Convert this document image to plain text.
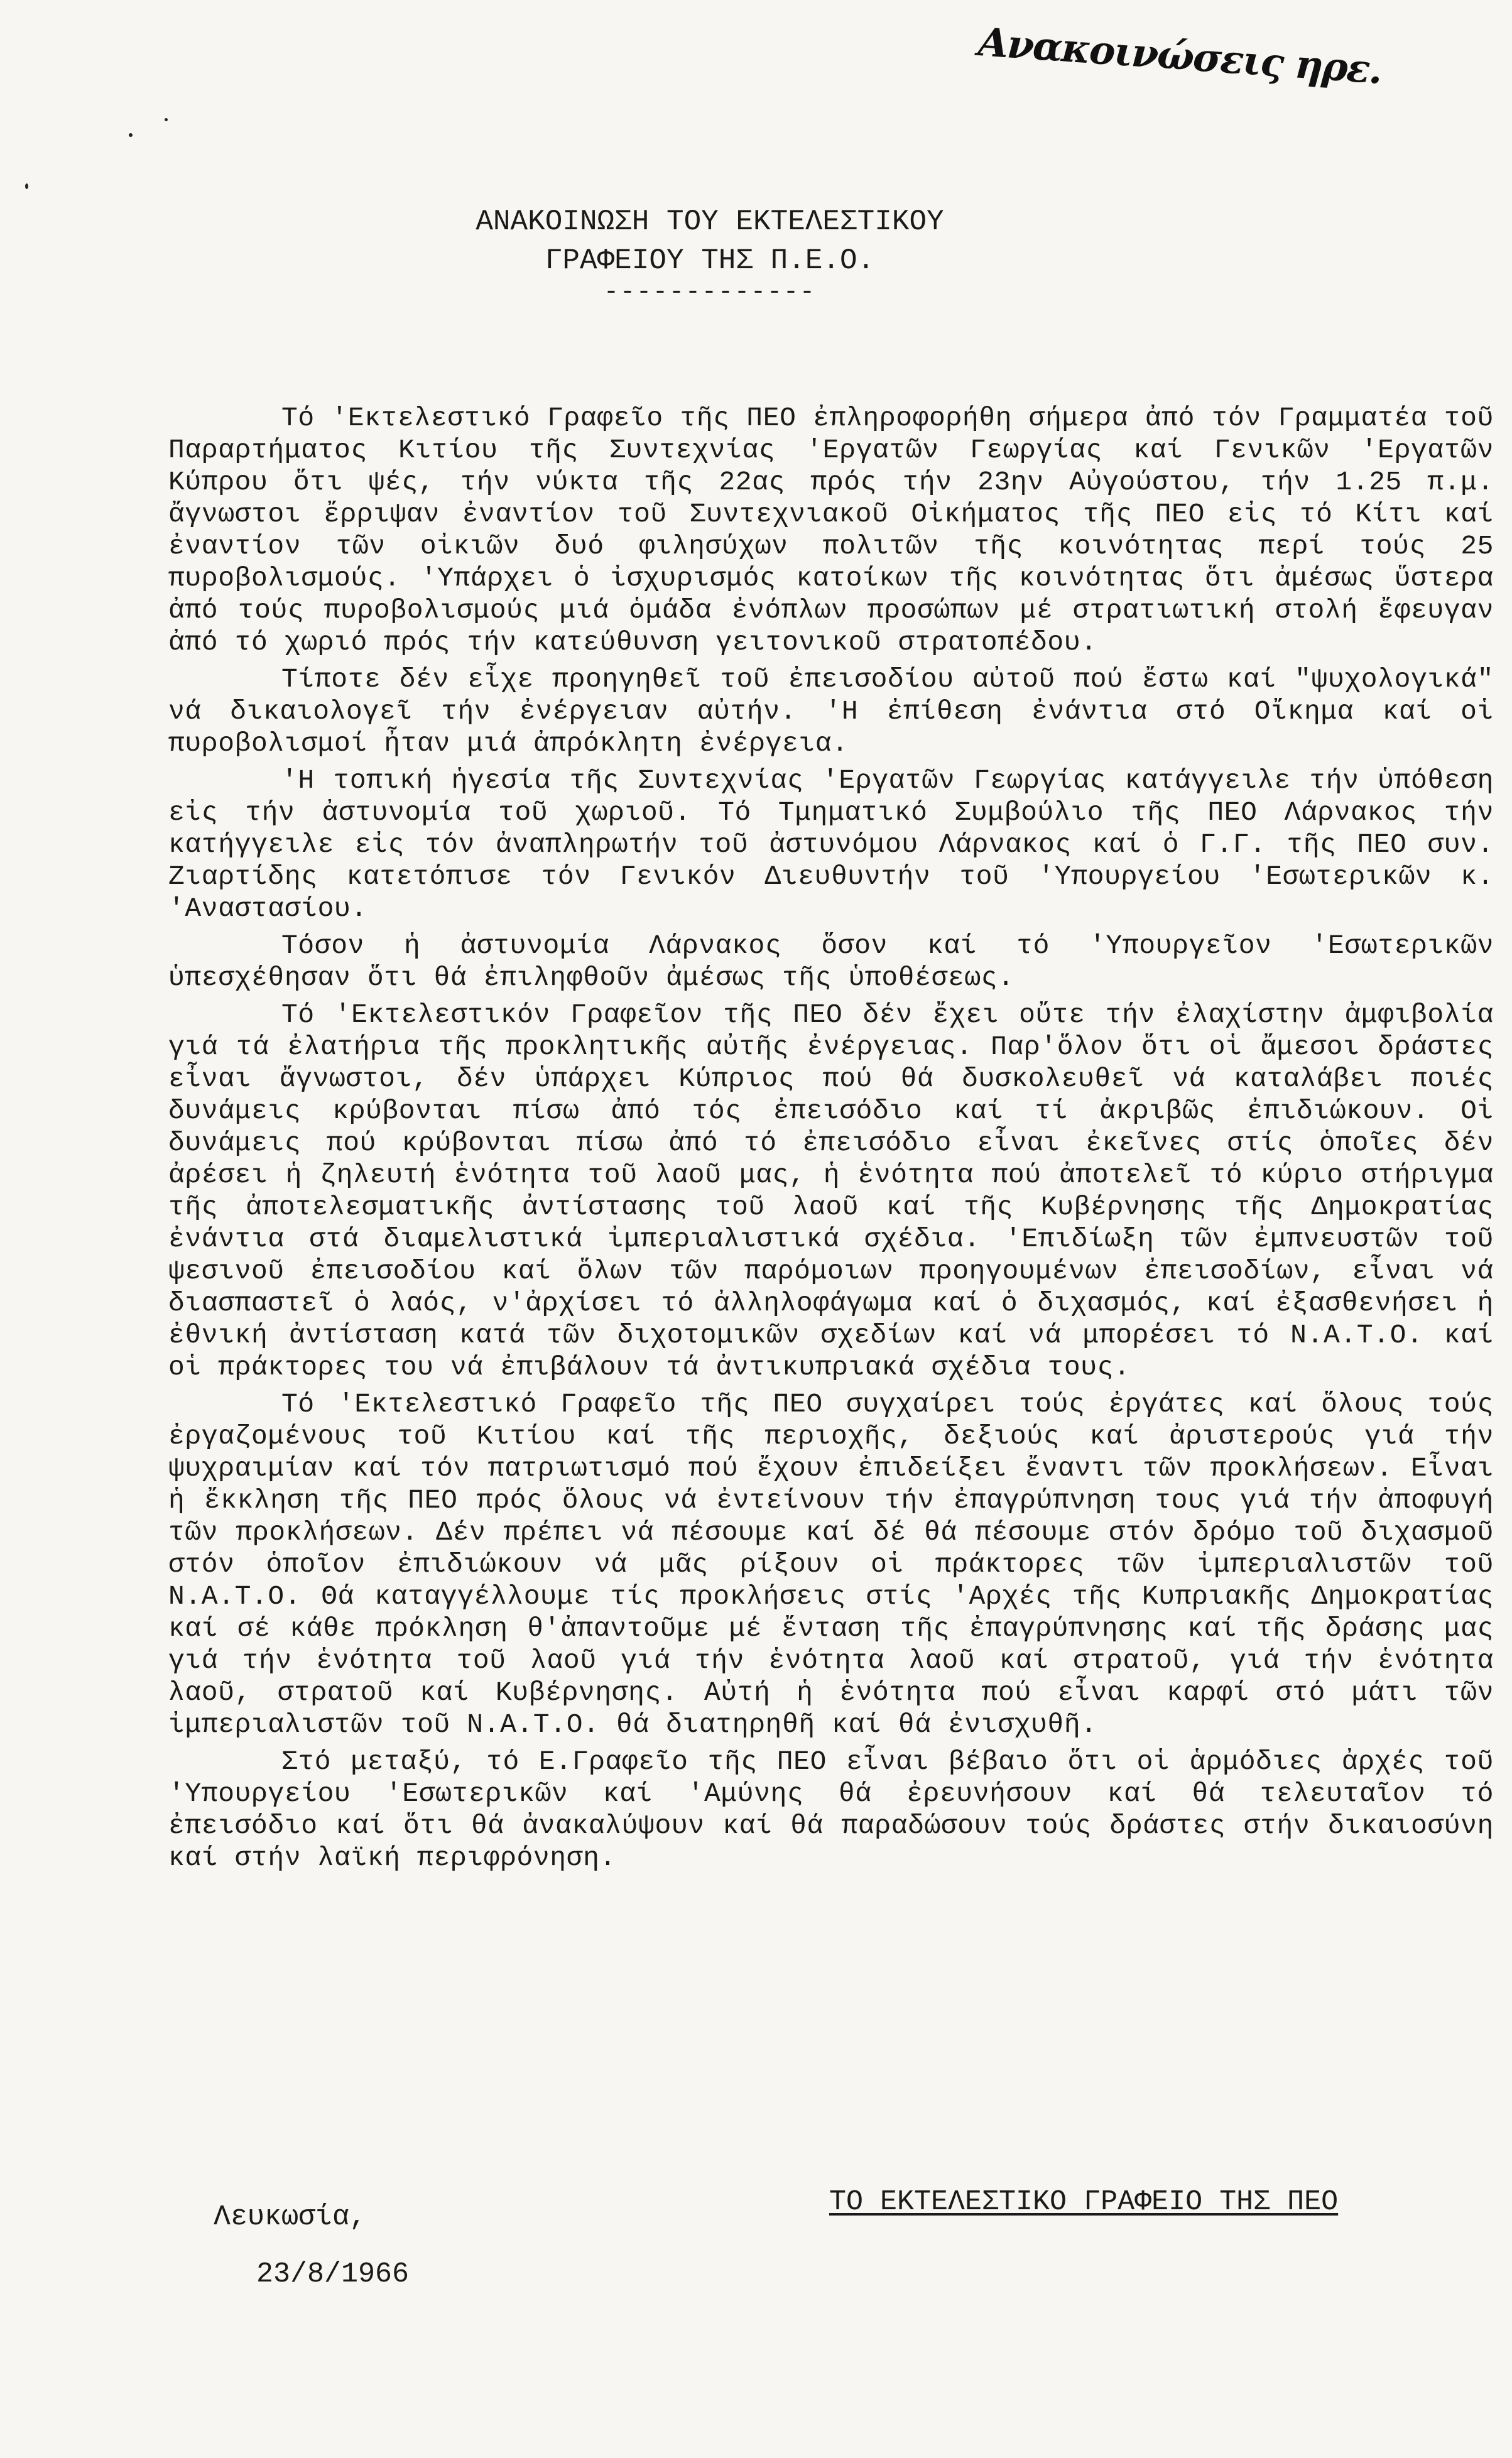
Ανακοινώσεις ηρε.
ΑΝΑΚΟΙΝΩΣΗ ΤΟΥ ΕΚΤΕΛΕΣΤΙΚΟΥ
ΓΡΑΦΕΙΟΥ ΤΗΣ Π.Ε.Ο.
-------------

Τό 'Εκτελεστικό Γραφεῖο τῆς ΠΕΟ ἐπληροφορήθη σήμερα ἀπό τόν Γραμματέα τοῦ Παραρτήματος Κιτίου τῆς Συντεχνίας 'Εργατῶν Γεωργίας καί Γενικῶν 'Εργατῶν Κύπρου ὅτι ψές, τήν νύκτα τῆς 22ας πρός τήν 23ην Αὐγούστου, τήν 1.25 π.μ. ἄγνωστοι ἔρριψαν ἐναντίον τοῦ Συντεχνιακοῦ Οἰκήματος τῆς ΠΕΟ εἰς τό Κίτι καί ἐναντίον τῶν οἰκιῶν δυό φιλησύχων πολιτῶν τῆς κοινότητας περί τούς 25 πυροβολισμούς. 'Υπάρχει ὁ ἰσχυρισμός κατοίκων τῆς κοινότητας ὅτι ἀμέσως ὕστερα ἀπό τούς πυροβολισμούς μιά ὁμάδα ἐνόπλων προσώπων μέ στρατιωτική στολή ἔφευγαν ἀπό τό χωριό πρός τήν κατεύθυνση γειτονικοῦ στρατοπέδου.

Τίποτε δέν εἶχε προηγηθεῖ τοῦ ἐπεισοδίου αὐτοῦ πού ἔστω καί "ψυχολογικά" νά δικαιολογεῖ τήν ἐνέργειαν αὐτήν. 'Η ἐπίθεση ἐνάντια στό Οἴκημα καί οἱ πυροβολισμοί ἦταν μιά ἀπρόκλητη ἐνέργεια.

'Η τοπική ἡγεσία τῆς Συντεχνίας 'Εργατῶν Γεωργίας κατάγγειλε τήν ὑπόθεση εἰς τήν ἀστυνομία τοῦ χωριοῦ. Τό Τμηματικό Συμβούλιο τῆς ΠΕΟ Λάρνακος τήν κατήγγειλε εἰς τόν ἀναπληρωτήν τοῦ ἀστυνόμου Λάρνακος καί ὁ Γ.Γ. τῆς ΠΕΟ συν. Ζιαρτίδης κατετόπισε τόν Γενικόν Διευθυντήν τοῦ 'Υπουργείου 'Εσωτερικῶν κ. 'Αναστασίου.

Τόσον ἡ ἀστυνομία Λάρνακος ὅσον καί τό 'Υπουργεῖον 'Εσωτερικῶν ὑπεσχέθησαν ὅτι θά ἐπιληφθοῦν ἀμέσως τῆς ὑποθέσεως.

Τό 'Εκτελεστικόν Γραφεῖον τῆς ΠΕΟ δέν ἔχει οὔτε τήν ἐλαχίστην ἀμφιβολία γιά τά ἐλατήρια τῆς προκλητικῆς αὐτῆς ἐνέργειας. Παρ'ὅλον ὅτι οἱ ἄμεσοι δράστες εἶναι ἄγνωστοι, δέν ὑπάρχει Κύπριος πού θά δυσκολευθεῖ νά καταλάβει ποιές δυνάμεις κρύβονται πίσω ἀπό τός ἐπεισόδιο καί τί ἀκριβῶς ἐπιδιώκουν. Οἱ δυνάμεις πού κρύβονται πίσω ἀπό τό ἐπεισόδιο εἶναι ἐκεῖνες στίς ὁποῖες δέν ἀρέσει ἡ ζηλευτή ἑνότητα τοῦ λαοῦ μας, ἡ ἑνότητα πού ἀποτελεῖ τό κύριο στήριγμα τῆς ἀποτελεσματικῆς ἀντίστασης τοῦ λαοῦ καί τῆς Κυβέρνησης τῆς Δημοκρατίας ἐνάντια στά διαμελιστικά ἰμπεριαλιστικά σχέδια. 'Επιδίωξη τῶν ἐμπνευστῶν τοῦ ψεσινοῦ ἐπεισοδίου καί ὅλων τῶν παρόμοιων προηγουμένων ἐπεισοδίων, εἶναι νά διασπαστεῖ ὁ λαός, ν'ἀρχίσει τό ἀλληλοφάγωμα καί ὁ διχασμός, καί ἐξασθενήσει ἡ ἐθνική ἀντίσταση κατά τῶν διχοτομικῶν σχεδίων καί νά μπορέσει τό Ν.Α.Τ.Ο. καί οἱ πράκτορες του νά ἐπιβάλουν τά ἀντικυπριακά σχέδια τους.

Τό 'Εκτελεστικό Γραφεῖο τῆς ΠΕΟ συγχαίρει τούς ἐργάτες καί ὅλους τούς ἐργαζομένους τοῦ Κιτίου καί τῆς περιοχῆς, δεξιούς καί ἀριστερούς γιά τήν ψυχραιμίαν καί τόν πατριωτισμό πού ἔχουν ἐπιδείξει ἔναντι τῶν προκλήσεων. Εἶναι ἡ ἔκκληση τῆς ΠΕΟ πρός ὅλους νά ἐντείνουν τήν ἐπαγρύπνηση τους γιά τήν ἀποφυγή τῶν προκλήσεων. Δέν πρέπει νά πέσουμε καί δέ θά πέσουμε στόν δρόμο τοῦ διχασμοῦ στόν ὁποῖον ἐπιδιώκουν νά μᾶς ρίξουν οἱ πράκτορες τῶν ἰμπεριαλιστῶν τοῦ Ν.Α.Τ.Ο. Θά καταγγέλλουμε τίς προκλήσεις στίς 'Αρχές τῆς Κυπριακῆς Δημοκρατίας καί σέ κάθε πρόκληση θ'ἀπαντοῦμε μέ ἔνταση τῆς ἐπαγρύπνησης καί τῆς δράσης μας γιά τήν ἑνότητα τοῦ λαοῦ γιά τήν ἑνότητα λαοῦ καί στρατοῦ, γιά τήν ἑνότητα λαοῦ, στρατοῦ καί Κυβέρνησης. Αὐτή ἡ ἑνότητα πού εἶναι καρφί στό μάτι τῶν ἰμπεριαλιστῶν τοῦ Ν.Α.Τ.Ο. θά διατηρηθῆ καί θά ἐνισχυθῆ.

Στό μεταξύ, τό Ε.Γραφεῖο τῆς ΠΕΟ εἶναι βέβαιο ὅτι οἱ ἁρμόδιες ἀρχές τοῦ 'Υπουργείου 'Εσωτερικῶν καί 'Αμύνης θά ἐρευνήσουν καί θά τελευταῖον τό ἐπεισόδιο καί ὅτι θά ἀνακαλύψουν καί θά παραδώσουν τούς δράστες στήν δικαιοσύνη καί στήν λαϊκή περιφρόνηση.

Λευκωσία,
23/8/1966
ΤΟ ΕΚΤΕΛΕΣΤΙΚΟ ΓΡΑΦΕΙΟ ΤΗΣ ΠΕΟ
